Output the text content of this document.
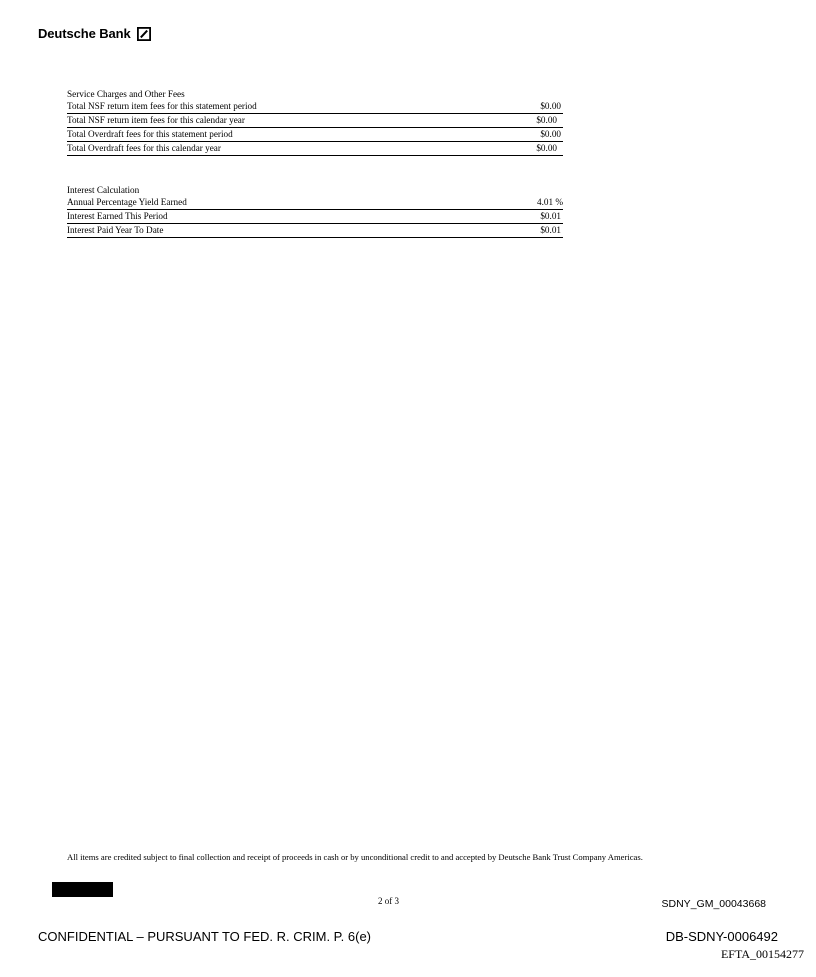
Deutsche Bank
Service Charges and Other Fees
Total NSF return item fees for this statement period	$0.00
Total NSF return item fees for this calendar year	$0.00
Total Overdraft fees for this statement period	$0.00
Total Overdraft fees for this calendar year	$0.00
Interest Calculation
Annual Percentage Yield Earned	4.01 %
Interest Earned This Period	$0.01
Interest Paid Year To Date	$0.01
All items are credited subject to final collection and receipt of proceeds in cash or by unconditional credit to and accepted by Deutsche Bank Trust Company Americas.
2 of 3	SDNY_GM_00043668
CONFIDENTIAL – PURSUANT TO FED. R. CRIM. P. 6(e)	DB-SDNY-0006492
EFTA_00154277
